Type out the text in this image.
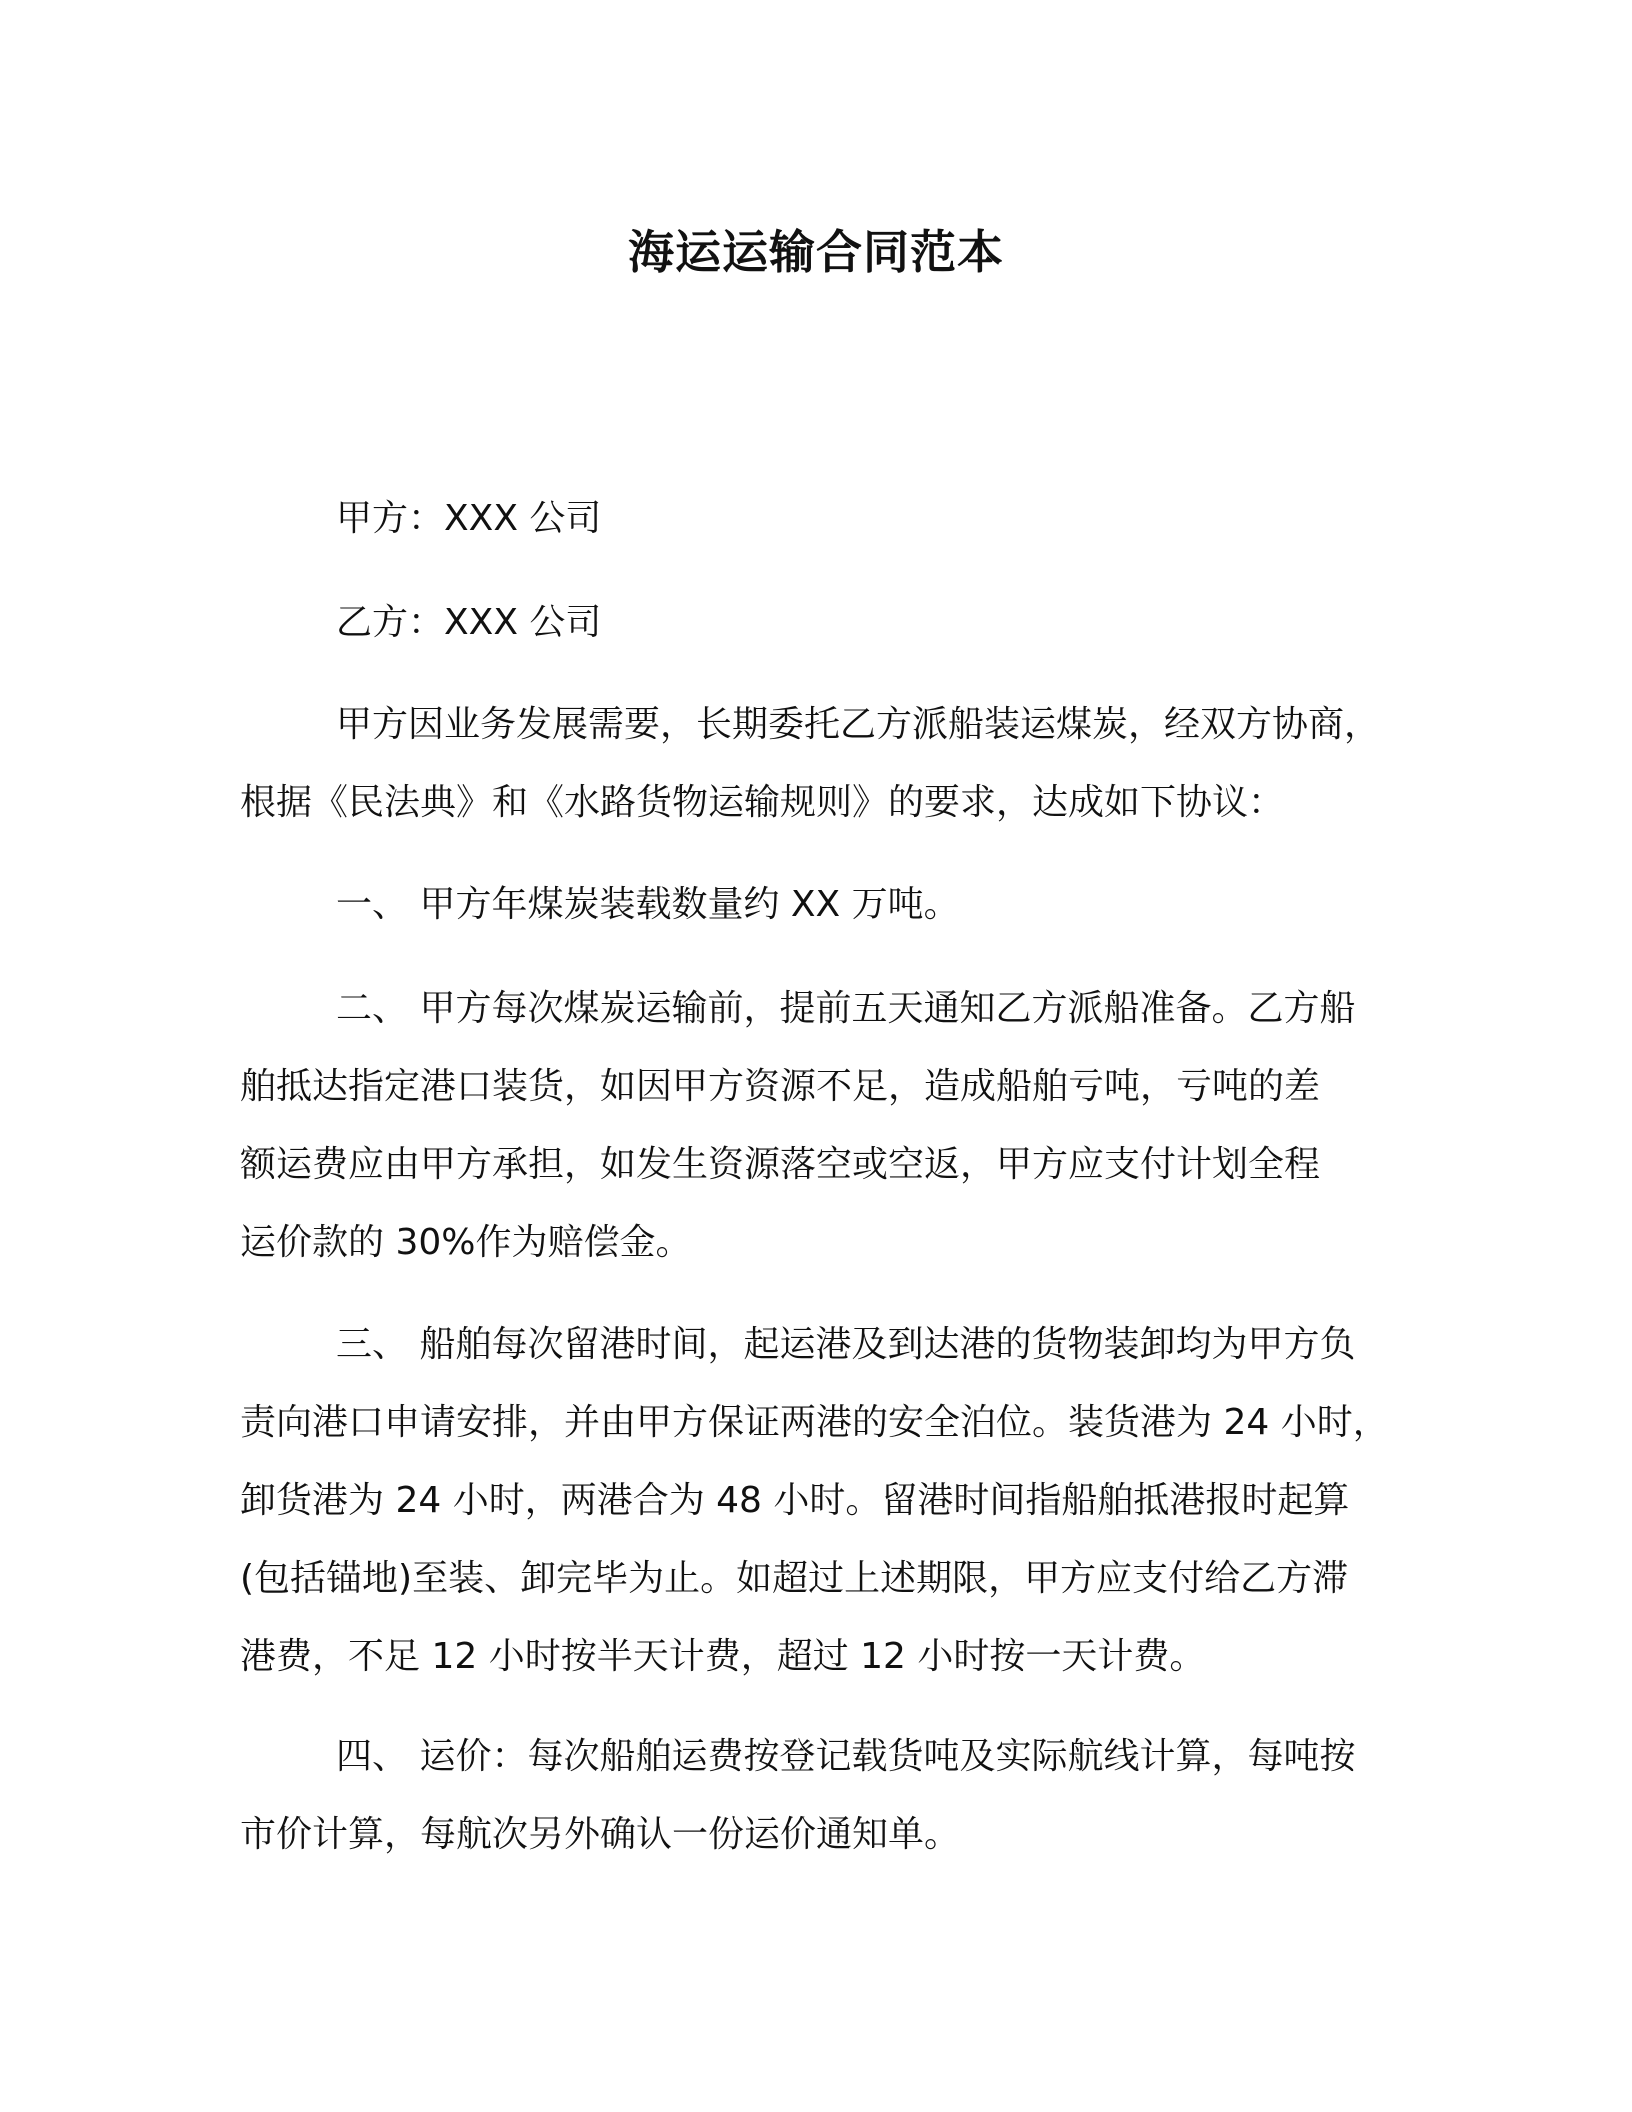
海运运输合同范本
甲方：XXX 公司
乙方：XXX 公司
甲方因业务发展需要，长期委托乙方派船装运煤炭，经双方协商，
根据《民法典》和《水路货物运输规则》的要求，达成如下协议：
一、 甲方年煤炭装载数量约 XX 万吨。
二、 甲方每次煤炭运输前，提前五天通知乙方派船准备。乙方船
舶抵达指定港口装货，如因甲方资源不足，造成船舶亏吨，亏吨的差
额运费应由甲方承担，如发生资源落空或空返，甲方应支付计划全程
运价款的 30%作为赔偿金。
三、 船舶每次留港时间，起运港及到达港的货物装卸均为甲方负
责向港口申请安排，并由甲方保证两港的安全泊位。装货港为 24 小时，
卸货港为 24 小时，两港合为 48 小时。留港时间指船舶抵港报时起算
(包括锚地)至装、卸完毕为止。如超过上述期限，甲方应支付给乙方滞
港费，不足 12 小时按半天计费，超过 12 小时按一天计费。
四、 运价：每次船舶运费按登记载货吨及实际航线计算，每吨按
市价计算，每航次另外确认一份运价通知单。
